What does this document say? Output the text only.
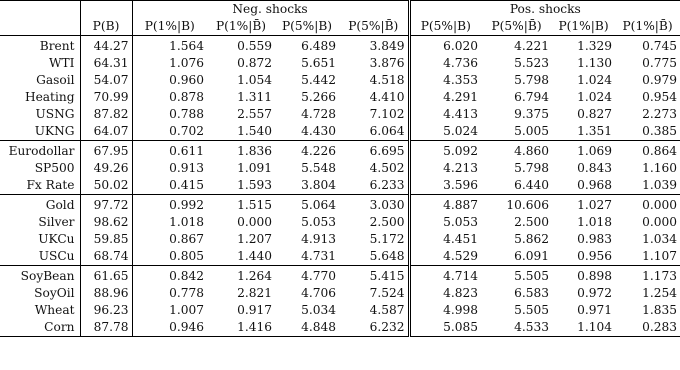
		Neg. shocks				Pos. shocks			
	P(B)	P(1%|B)	P(1%|B̄)	P(5%|B)	P(5%|B̄)	P(5%|B)	P(5%|B̄)	P(1%|B)	P(1%|B̄)
Brent	44.27	1.564	0.559	6.489	3.849	6.020	4.221	1.329	0.745
WTI	64.31	1.076	0.872	5.651	3.876	4.736	5.523	1.130	0.775
Gasoil	54.07	0.960	1.054	5.442	4.518	4.353	5.798	1.024	0.979
Heating	70.99	0.878	1.311	5.266	4.410	4.291	6.794	1.024	0.954
USNG	87.82	0.788	2.557	4.728	7.102	4.413	9.375	0.827	2.273
UKNG	64.07	0.702	1.540	4.430	6.064	5.024	5.005	1.351	0.385
Eurodollar	67.95	0.611	1.836	4.226	6.695	5.092	4.860	1.069	0.864
SP500	49.26	0.913	1.091	5.548	4.502	4.213	5.798	0.843	1.160
Fx Rate	50.02	0.415	1.593	3.804	6.233	3.596	6.440	0.968	1.039
Gold	97.72	0.992	1.515	5.064	3.030	4.887	10.606	1.027	0.000
Silver	98.62	1.018	0.000	5.053	2.500	5.053	2.500	1.018	0.000
UKCu	59.85	0.867	1.207	4.913	5.172	4.451	5.862	0.983	1.034
USCu	68.74	0.805	1.440	4.731	5.648	4.529	6.091	0.956	1.107
SoyBean	61.65	0.842	1.264	4.770	5.415	4.714	5.505	0.898	1.173
SoyOil	88.96	0.778	2.821	4.706	7.524	4.823	6.583	0.972	1.254
Wheat	96.23	1.007	0.917	5.034	4.587	4.998	5.505	0.971	1.835
Corn	87.78	0.946	1.416	4.848	6.232	5.085	4.533	1.104	0.283
